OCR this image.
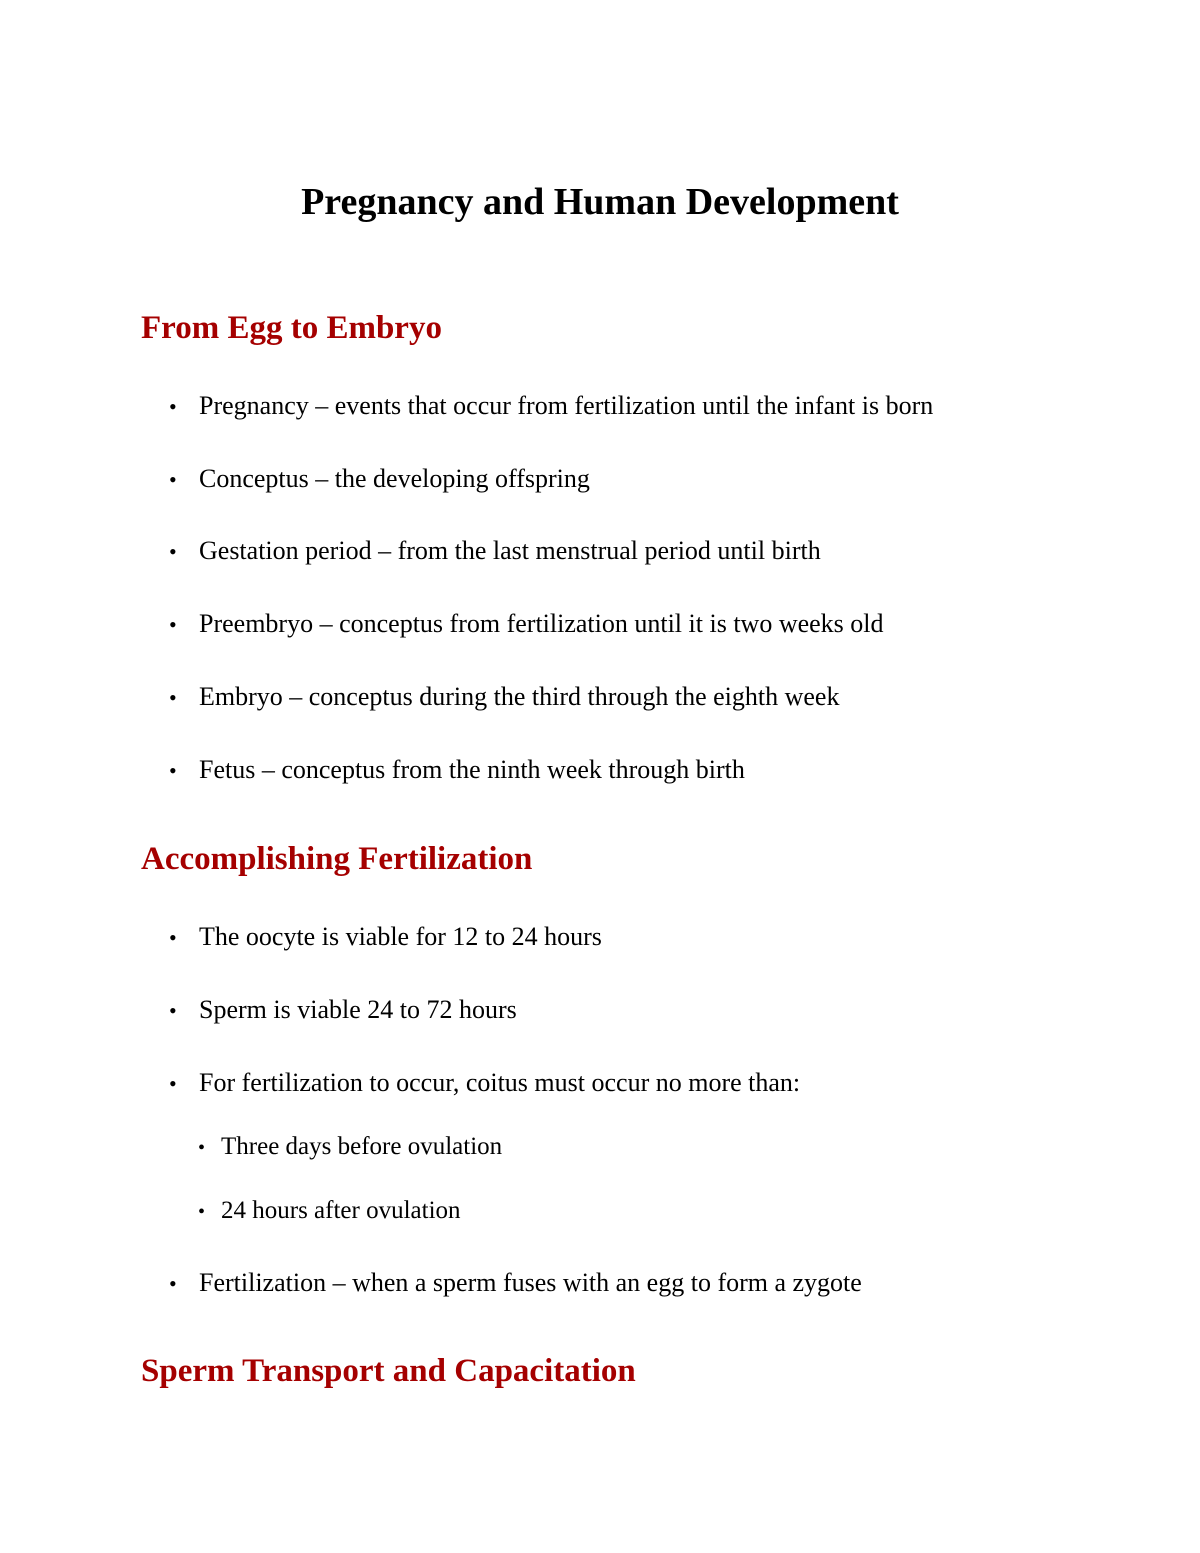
Pregnancy and Human Development
From Egg to Embryo
• Pregnancy – events that occur from fertilization until the infant is born
• Conceptus – the developing offspring
• Gestation period – from the last menstrual period until birth
• Preembryo – conceptus from fertilization until it is two weeks old
• Embryo – conceptus during the third through the eighth week
• Fetus – conceptus from the ninth week through birth
Accomplishing Fertilization
• The oocyte is viable for 12 to 24 hours
• Sperm is viable 24 to 72 hours
• For fertilization to occur, coitus must occur no more than:
• Three days before ovulation
• 24 hours after ovulation
• Fertilization – when a sperm fuses with an egg to form a zygote
Sperm Transport and Capacitation
